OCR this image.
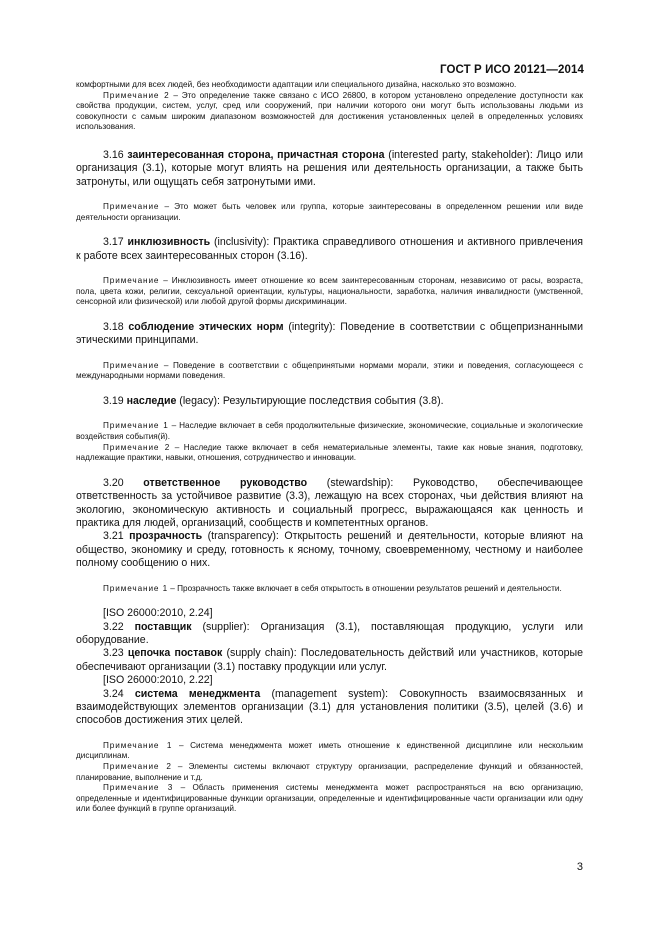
ГОСТ Р ИСО 20121—2014

комфортными для всех людей, без необходимости адаптации или специального дизайна, насколько это возможно.

Примечание 2 – Это определение также связано с ИСО 26800, в котором установлено определение доступности как свойства продукции, систем, услуг, сред или сооружений, при наличии которого они могут быть использованы людьми из совокупности с самым широким диапазоном возможностей для достижения установленных целей в определенных условиях использования.

3.16 заинтересованная сторона, причастная сторона (interested party, stakeholder): Лицо или организация (3.1), которые могут влиять на решения или деятельность организации, а также быть затронуты, или ощущать себя затронутыми ими.

Примечание – Это может быть человек или группа, которые заинтересованы в определенном решении или виде деятельности организации.

3.17 инклюзивность (inclusivity): Практика справедливого отношения и активного привлечения к работе всех заинтересованных сторон (3.16).

Примечание – Инклюзивность имеет отношение ко всем заинтересованным сторонам, независимо от расы, возраста, пола, цвета кожи, религии, сексуальной ориентации, культуры, национальности, заработка, наличия инвалидности (умственной, сенсорной или физической) или любой другой формы дискриминации.

3.18 соблюдение этических норм (integrity): Поведение в соответствии с общепризнанными этическими принципами.

Примечание – Поведение в соответствии с общепринятыми нормами морали, этики и поведения, согласующееся с международными нормами поведения.

3.19 наследие (legacy): Результирующие последствия события (3.8).

Примечание 1 – Наследие включает в себя продолжительные физические, экономические, социальные и экологические воздействия события(й).

Примечание 2 – Наследие также включает в себя нематериальные элементы, такие как новые знания, подготовку, надлежащие практики, навыки, отношения, сотрудничество и инновации.

3.20 ответственное руководство (stewardship): Руководство, обеспечивающее ответственность за устойчивое развитие (3.3), лежащую на всех сторонах, чьи действия влияют на экологию, экономическую активность и социальный прогресс, выражающаяся как ценность и практика для людей, организаций, сообществ и компетентных органов.

3.21 прозрачность (transparency): Открытость решений и деятельности, которые влияют на общество, экономику и среду, готовность к ясному, точному, своевременному, честному и наиболее полному сообщению о них.

Примечание 1 – Прозрачность также включает в себя открытость в отношении результатов решений и деятельности.

[ISO 26000:2010, 2.24]

3.22 поставщик (supplier): Организация (3.1), поставляющая продукцию, услуги или оборудование.

3.23 цепочка поставок (supply chain): Последовательность действий или участников, которые обеспечивают организации (3.1) поставку продукции или услуг.

[ISO 26000:2010, 2.22]

3.24 система менеджмента (management system): Совокупность взаимосвязанных и взаимодействующих элементов организации (3.1) для установления политики (3.5), целей (3.6) и способов достижения этих целей.

Примечание 1 – Система менеджмента может иметь отношение к единственной дисциплине или нескольким дисциплинам.

Примечание 2 – Элементы системы включают структуру организации, распределение функций и обязанностей, планирование, выполнение и т.д.

Примечание 3 – Область применения системы менеджмента может распространяться на всю организацию, определенные и идентифицированные функции организации, определенные и идентифицированные части организации или одну или более функций в группе организаций.

3
